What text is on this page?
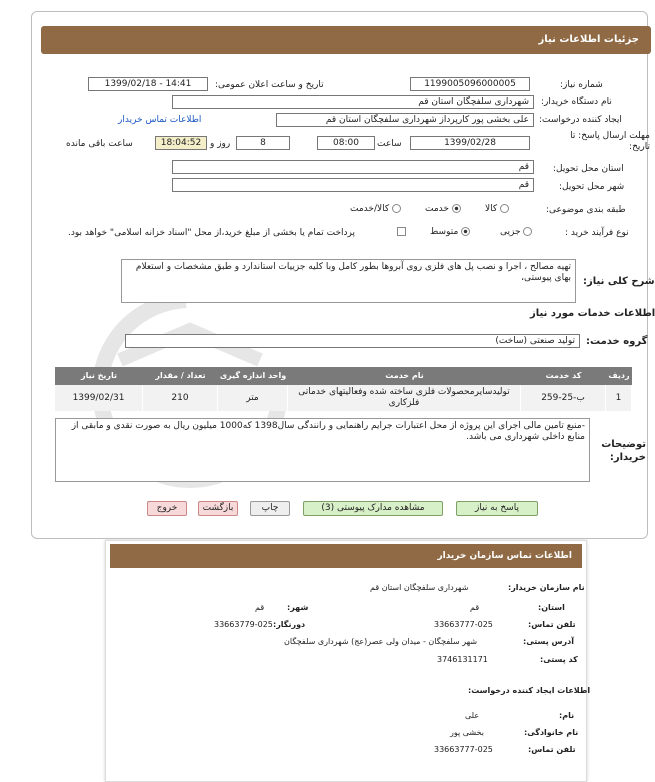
جزئیات اطلاعات نیاز
شماره نیاز:
1199005096000005
تاریخ و ساعت اعلان عمومی:
1399/02/18 - 14:41
نام دستگاه خریدار:
شهرداری سلفچگان استان قم
ایجاد کننده درخواست:
علی بخشی پور کارپرداز شهرداری سلفچگان استان قم
اطلاعات تماس خریدار
مهلت ارسال پاسخ: تا تاریخ:
1399/02/28
ساعت
08:00
8
روز و
18:04:52
ساعت باقی مانده
استان محل تحویل:
قم
شهر محل تحویل:
قم
طبقه بندی موضوعی:
کالا
خدمت
کالا/خدمت
نوع فرآیند خرید :
جزیی
متوسط
پرداخت تمام یا بخشی از مبلغ خرید،از محل "اسناد خزانه اسلامی" خواهد بود.
شرح کلی نیاز:
تهیه مصالح ، اجرا و نصب پل های فلزی روی آبروها بطور کامل وبا کلیه جزییات استاندارد و طبق مشخصات و استعلام بهای پیوستی،
اطلاعات خدمات مورد نیاز
گروه خدمت:
تولید صنعتی (ساخت)
ردیف
کد خدمت
نام خدمت
واحد اندازه گیری
تعداد / مقدار
تاریخ نیاز
1
ب-25-259
تولیدسایرمحصولات فلزی ساخته شده وفعالیتهای خدماتی فلزکاری
متر
210
1399/02/31
توضیحات خریدار:
-منبع تامین مالی اجرای این پروژه از محل اعتبارات جرایم راهنمایی و رانندگی سال1398 که1000 میلیون ریال به صورت نقدی و مابقی از منابع داخلی شهرداری می باشد.
پاسخ به نیاز
مشاهده مدارک پیوستی (3)
چاپ
بازگشت
خروج
اطلاعات تماس سازمان خریدار
نام سازمان خریدار:
شهرداری سلفچگان استان قم
استان:
قم
شهر:
قم
تلفن تماس:
33663777-025
دورنگار:
33663779-025
آدرس پستی:
شهر سلفچگان - میدان ولی عصر(عج) شهرداری سلفچگان
کد پستی:
3746131171
اطلاعات ایجاد کننده درخواست:
نام:
علی
نام خانوادگی:
بخشی پور
تلفن تماس:
33663777-025
